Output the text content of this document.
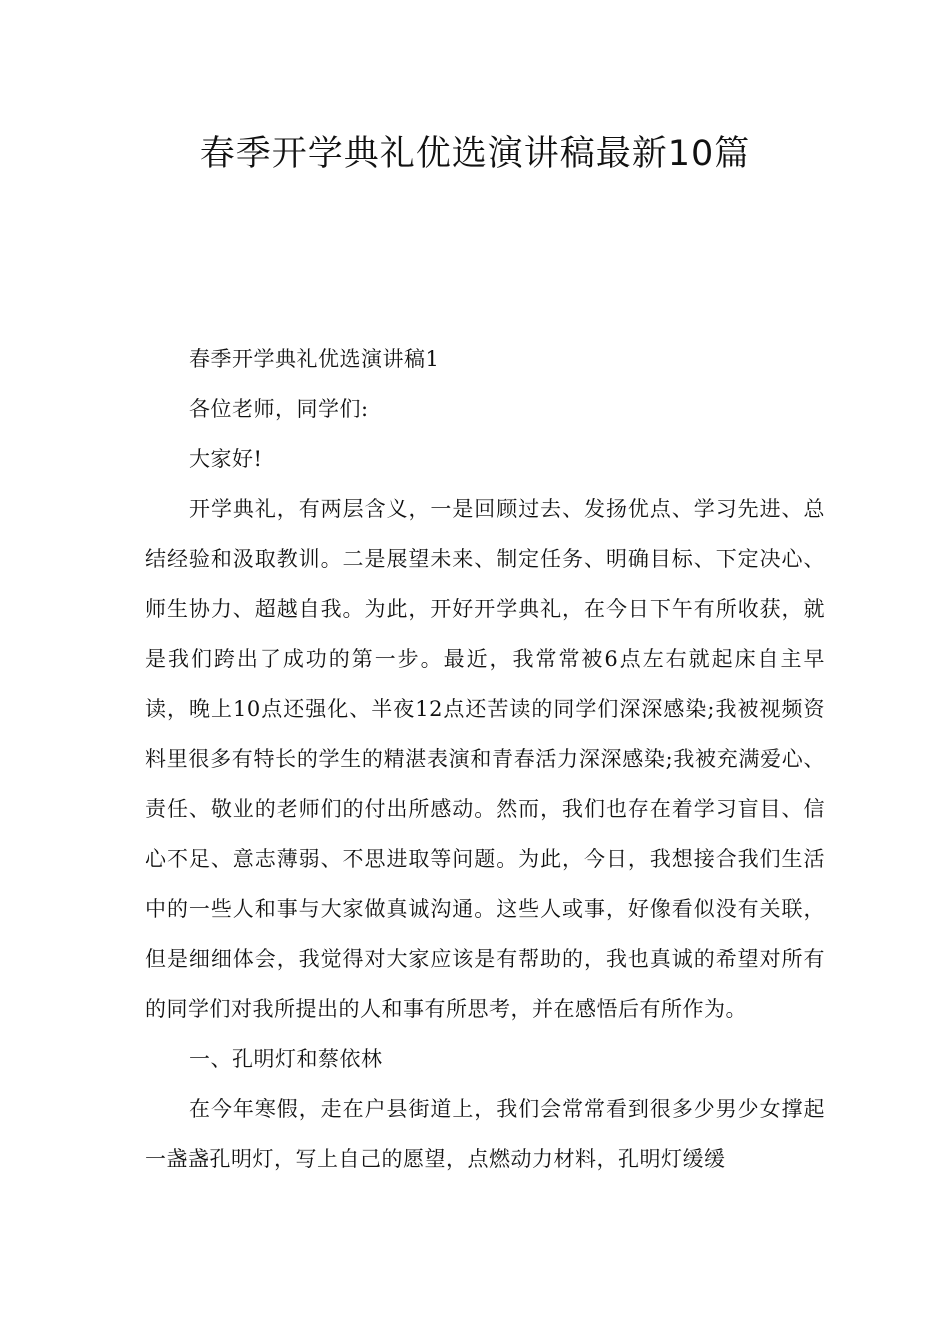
春季开学典礼优选演讲稿最新10篇

春季开学典礼优选演讲稿1

各位老师，同学们:

大家好!

开学典礼，有两层含义，一是回顾过去、发扬优点、学习先进、总结经验和汲取教训。二是展望未来、制定任务、明确目标、下定决心、师生协力、超越自我。为此，开好开学典礼，在今日下午有所收获，就是我们跨出了成功的第一步。最近，我常常被6点左右就起床自主早读，晚上10点还强化、半夜12点还苦读的同学们深深感染;我被视频资料里很多有特长的学生的精湛表演和青春活力深深感染;我被充满爱心、责任、敬业的老师们的付出所感动。然而，我们也存在着学习盲目、信心不足、意志薄弱、不思进取等问题。为此，今日，我想接合我们生活中的一些人和事与大家做真诚沟通。这些人或事，好像看似没有关联，但是细细体会，我觉得对大家应该是有帮助的，我也真诚的希望对所有的同学们对我所提出的人和事有所思考，并在感悟后有所作为。

一、孔明灯和蔡依林

在今年寒假，走在户县街道上，我们会常常看到很多少男少女撑起一盏盏孔明灯，写上自己的愿望，点燃动力材料，孔明灯缓缓
